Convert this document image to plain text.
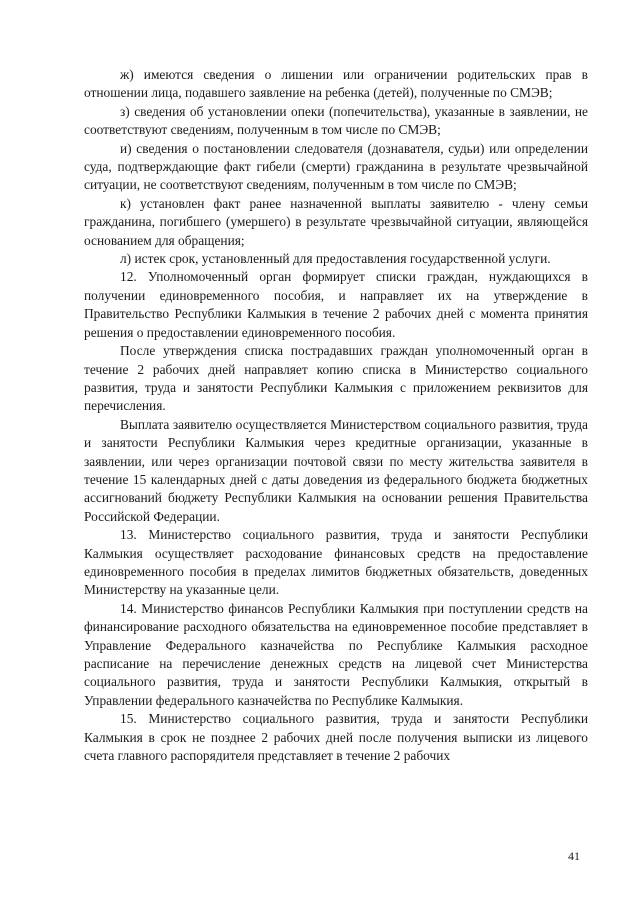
ж) имеются сведения о лишении или ограничении родительских прав в отношении лица, подавшего заявление на ребенка (детей), полученные по СМЭВ;

з) сведения об установлении опеки (попечительства), указанные в заявлении, не соответствуют сведениям, полученным в том числе по СМЭВ;

и) сведения о постановлении следователя (дознавателя, судьи) или определении суда, подтверждающие факт гибели (смерти) гражданина в результате чрезвычайной ситуации, не соответствуют сведениям, полученным в том числе по СМЭВ;

к) установлен факт ранее назначенной выплаты заявителю - члену семьи гражданина, погибшего (умершего) в результате чрезвычайной ситуации, являющейся основанием для обращения;

л) истек срок, установленный для предоставления государственной услуги.

12. Уполномоченный орган формирует списки граждан, нуждающихся в получении единовременного пособия, и направляет их на утверждение в Правительство Республики Калмыкия в течение 2 рабочих дней с момента принятия решения о предоставлении единовременного пособия.

После утверждения списка пострадавших граждан уполномоченный орган в течение 2 рабочих дней направляет копию списка в Министерство социального развития, труда и занятости Республики Калмыкия с приложением реквизитов для перечисления.

Выплата заявителю осуществляется Министерством социального развития, труда и занятости Республики Калмыкия через кредитные организации, указанные в заявлении, или через организации почтовой связи по месту жительства заявителя в течение 15 календарных дней с даты доведения из федерального бюджета бюджетных ассигнований бюджету Республики Калмыкия на основании решения Правительства Российской Федерации.

13. Министерство социального развития, труда и занятости Республики Калмыкия осуществляет расходование финансовых средств на предоставление единовременного пособия в пределах лимитов бюджетных обязательств, доведенных Министерству на указанные цели.

14. Министерство финансов Республики Калмыкия при поступлении средств на финансирование расходного обязательства на единовременное пособие представляет в Управление Федерального казначейства по Республике Калмыкия расходное расписание на перечисление денежных средств на лицевой счет Министерства социального развития, труда и занятости Республики Калмыкия, открытый в Управлении федерального казначейства по Республике Калмыкия.

15. Министерство социального развития, труда и занятости Республики Калмыкия в срок не позднее 2 рабочих дней после получения выписки из лицевого счета главного распорядителя представляет в течение 2 рабочих

41
